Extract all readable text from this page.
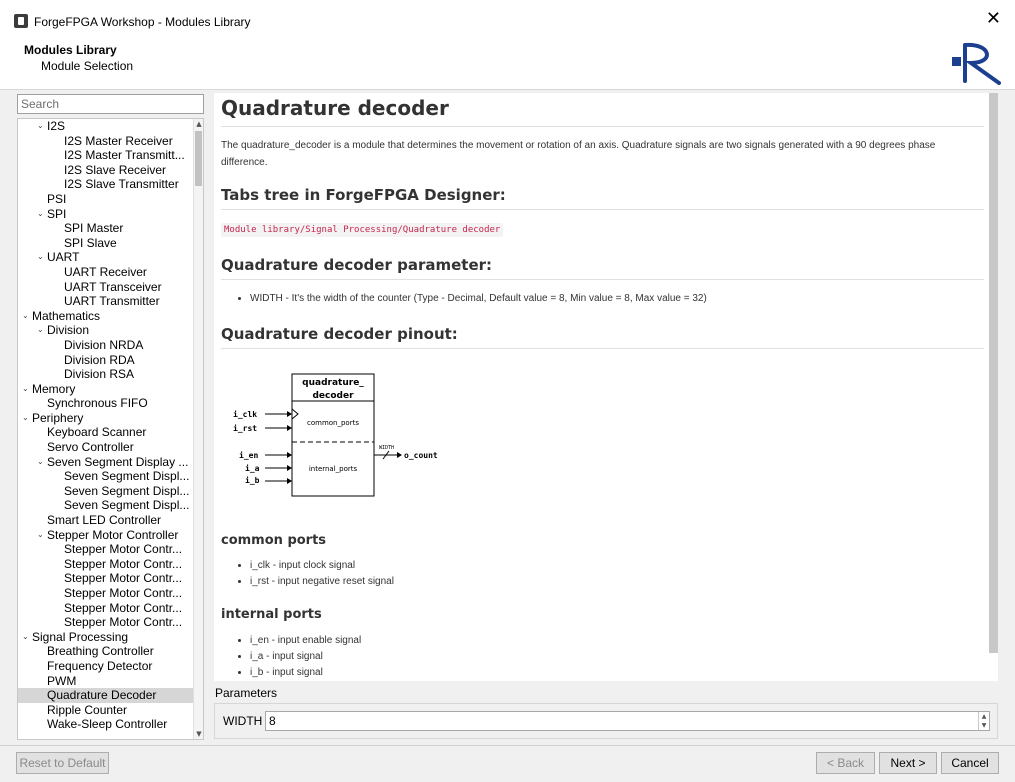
ForgeFPGA Workshop - Modules Library	✕
Modules Library
Module Selection
Search
⌄ I2S
I2S Master Receiver
I2S Master Transmitt...
I2S Slave Receiver
I2S Slave Transmitter
PSI
⌄ SPI
SPI Master
SPI Slave
⌄ UART
UART Receiver
UART Transceiver
UART Transmitter
⌄ Mathematics
⌄ Division
Division NRDA
Division RDA
Division RSA
⌄ Memory
Synchronous FIFO
⌄ Periphery
Keyboard Scanner
Servo Controller
⌄ Seven Segment Display ...
Seven Segment Displ...
Seven Segment Displ...
Seven Segment Displ...
Smart LED Controller
⌄ Stepper Motor Controller
Stepper Motor Contr...
Stepper Motor Contr...
Stepper Motor Contr...
Stepper Motor Contr...
Stepper Motor Contr...
Stepper Motor Contr...
⌄ Signal Processing
Breathing Controller
Frequency Detector
PWM
Quadrature Decoder
Ripple Counter
Wake-Sleep Controller
▲
▼
Quadrature decoder

The quadrature_decoder is a module that determines the movement or rotation of an axis. Quadrature signals are two signals generated with a 90 degrees phase difference.

Tabs tree in ForgeFPGA Designer:
Module library/Signal Processing/Quadrature decoder
Quadrature decoder parameter:
• WIDTH - It's the width of the counter (Type - Decimal, Default value = 8, Min value = 8, Max value = 32)
Quadrature decoder pinout:
quadrature_
decoder
common_ports
internal_ports
i_clk
i_rst
i_en
i_a
i_b
WIDTH
o_count
common ports
• i_clk - input clock signal
• i_rst - input negative reset signal
internal ports
• i_en - input enable signal
• i_a - input signal
• i_b - input signal
Parameters
WIDTH 8	▲
▼
Reset to Default	< Back	Next >	Cancel
